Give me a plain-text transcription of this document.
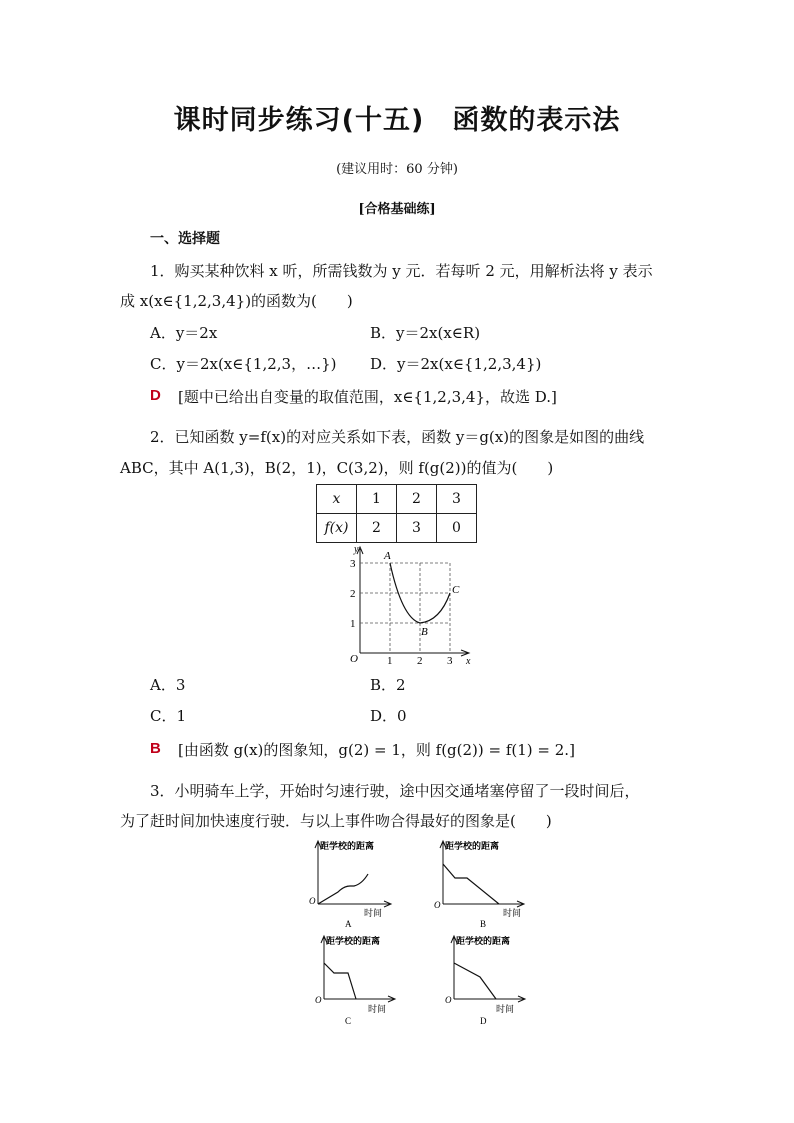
课时同步练习(十五)　函数的表示法
(建议用时：60 分钟)
[合格基础练]
一、选择题
1．购买某种饮料 x 听，所需钱数为 y 元．若每听 2 元，用解析法将 y 表示
成 x(x∈{1,2,3,4})的函数为(　　)
A．y＝2x	B．y＝2x(x∈R)
C．y＝2x(x∈{1,2,3，…}) D．y＝2x(x∈{1,2,3,4})
D [题中已给出自变量的取值范围，x∈{1,2,3,4}，故选 D.]
2．已知函数 y=f(x)的对应关系如下表，函数 y＝g(x)的图象是如图的曲线
ABC，其中 A(1,3)，B(2，1)，C(3,2)，则 f(g(2))的值为(　　)
x	1	2	3
f(x)	2	3	0
y
x
O	1 2 3
1
2
3
A
B
C
A．3	B．2
C．1	D．0
B [由函数 g(x)的图象知，g(2) = 1，则 f(g(2)) = f(1) = 2.]
3．小明骑车上学，开始时匀速行驶，途中因交通堵塞停留了一段时间后，
为了赶时间加快速度行驶．与以上事件吻合得最好的图象是(　　)
距学校的距离
时间
O
A
距学校的距离
时间
O
B
距学校的距离
时间
O
C
距学校的距离
时间
O
D
